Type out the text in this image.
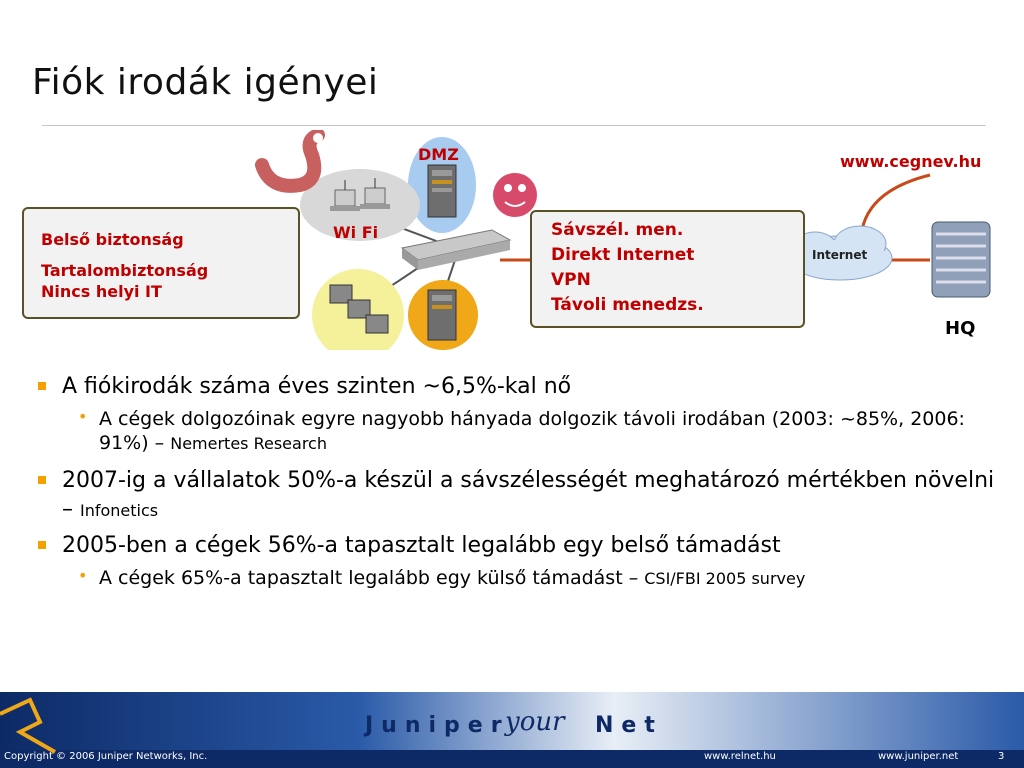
Fiók irodák igényei
DMZ
Wi Fi
www.cegnev.hu
Internet
HQ
Belső biztonság
Tartalombiztonság
Nincs helyi IT
Sávszél. men.
Direkt Internet
VPN
Távoli menedzs.
A fiókirodák száma éves szinten ~6,5%-kal nő
• A cégek dolgozóinak egyre nagyobb hányada dolgozik távoli irodában (2003: ~85%, 2006: 91%) – Nemertes Research
2007-ig a vállalatok 50%-a készül a sávszélességét meghatározó mértékben növelni – Infonetics
2005-ben a cégek 56%-a tapasztalt legalább egy belső támadást
• A cégek 65%-a tapasztalt legalább egy külső támadást – CSI/FBI 2005 survey
Juniper
your Net
Copyright © 2006 Juniper Networks, Inc.	www.relnet.hu	www.juniper.net	3
